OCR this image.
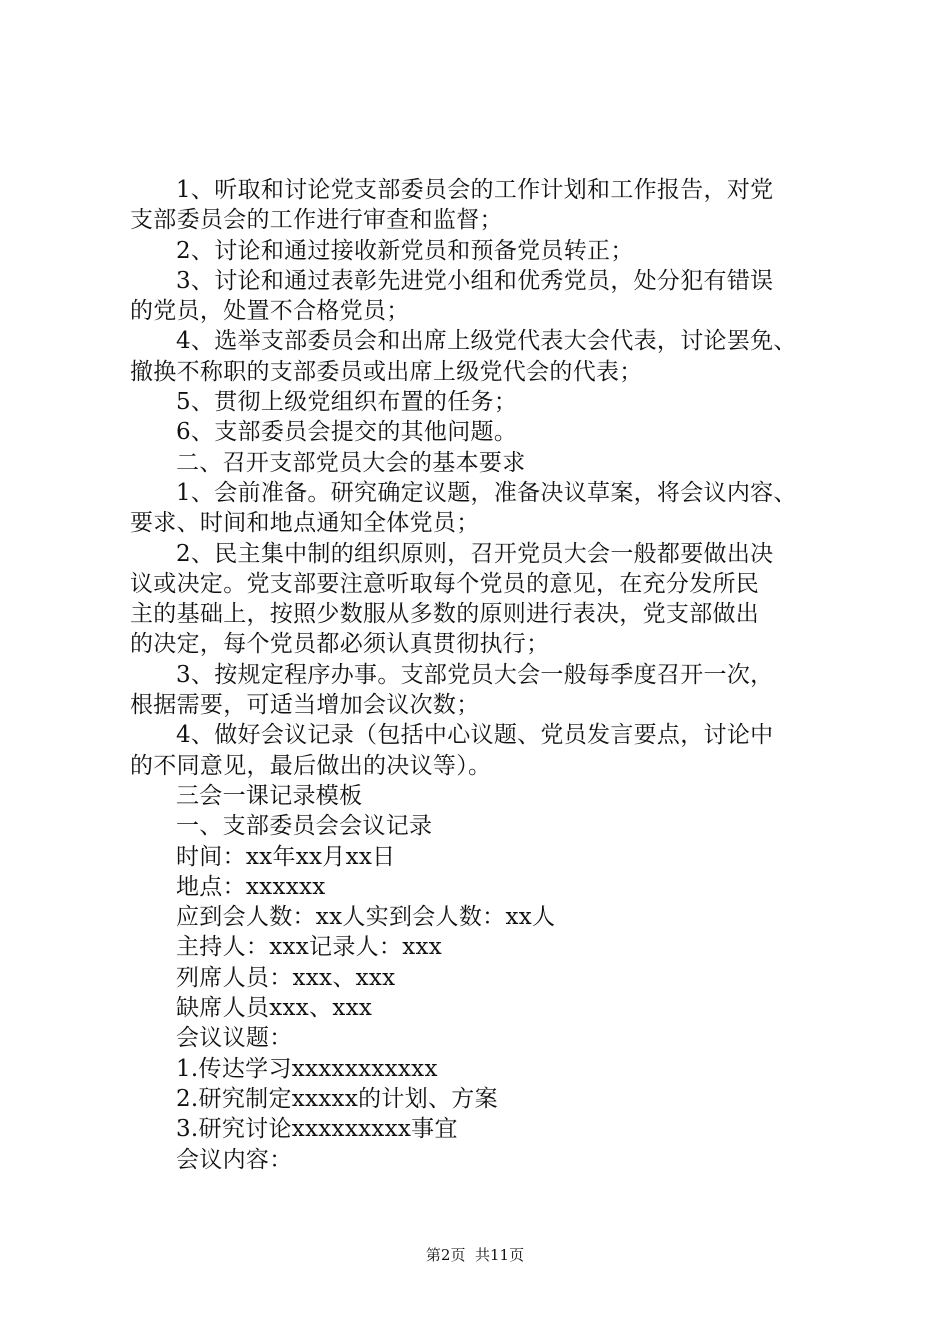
1、听取和讨论党支部委员会的工作计划和工作报告，对党
支部委员会的工作进行审查和监督；
2、讨论和通过接收新党员和预备党员转正；
3、讨论和通过表彰先进党小组和优秀党员，处分犯有错误
的党员，处置不合格党员；
4、选举支部委员会和出席上级党代表大会代表，讨论罢免、
撤换不称职的支部委员或出席上级党代会的代表；
5、贯彻上级党组织布置的任务；
6、支部委员会提交的其他问题。
二、召开支部党员大会的基本要求
1、会前准备。研究确定议题，准备决议草案，将会议内容、
要求、时间和地点通知全体党员；
2、民主集中制的组织原则，召开党员大会一般都要做出决
议或决定。党支部要注意听取每个党员的意见，在充分发所民
主的基础上，按照少数服从多数的原则进行表决，党支部做出
的决定，每个党员都必须认真贯彻执行；
3、按规定程序办事。支部党员大会一般每季度召开一次，
根据需要，可适当增加会议次数；
4、做好会议记录（包括中心议题、党员发言要点，讨论中
的不同意见，最后做出的决议等）。
三会一课记录模板
一、支部委员会会议记录
时间：xx年xx月xx日
地点：xxxxxx
应到会人数：xx人实到会人数：xx人
主持人：xxx记录人：xxx
列席人员：xxx、xxx
缺席人员xxx、xxx
会议议题：
1.传达学习xxxxxxxxxxx
2.研究制定xxxxx的计划、方案
3.研究讨论xxxxxxxxx事宜
会议内容：
第2页  共11页
